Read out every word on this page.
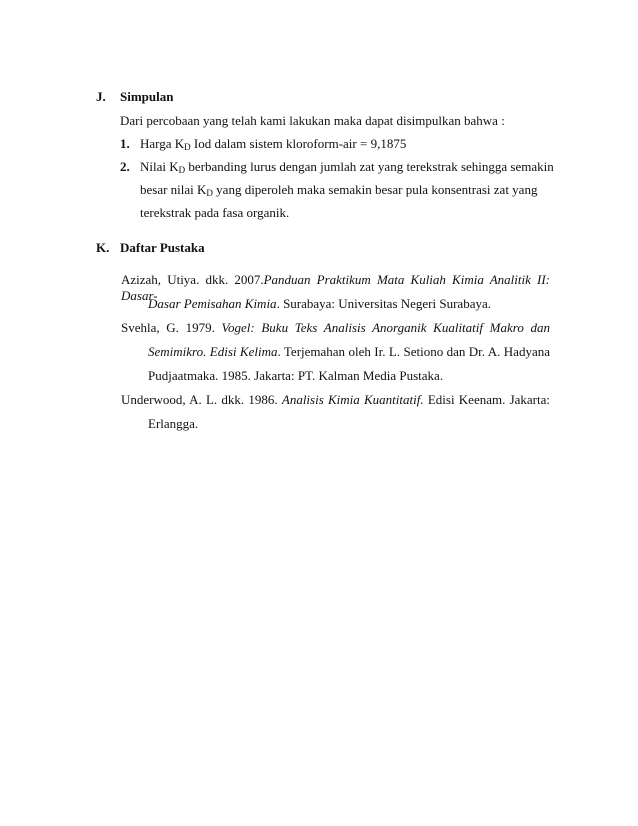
J. Simpulan
Dari percobaan yang telah kami lakukan maka dapat disimpulkan bahwa :
1. Harga $K_D$ Iod dalam sistem kloroform-air = 9,1875
2. Nilai $K_D$ berbanding lurus dengan jumlah zat yang terekstrak sehingga semakin
besar nilai $K_D$ yang diperoleh maka semakin besar pula konsentrasi zat yang
terekstrak pada fasa organik.
K. Daftar Pustaka
Azizah, Utiya. dkk. 2007.Panduan Praktikum Mata Kuliah Kimia Analitik II: Dasar-
Dasar Pemisahan Kimia. Surabaya: Universitas Negeri Surabaya.
Svehla, G. 1979. Vogel: Buku Teks Analisis Anorganik Kualitatif Makro dan
Semimikro. Edisi Kelima. Terjemahan oleh Ir. L. Setiono dan Dr. A. Hadyana
Pudjaatmaka. 1985. Jakarta: PT. Kalman Media Pustaka.
Underwood, A. L. dkk. 1986. Analisis Kimia Kuantitatif. Edisi Keenam. Jakarta:
Erlangga.
